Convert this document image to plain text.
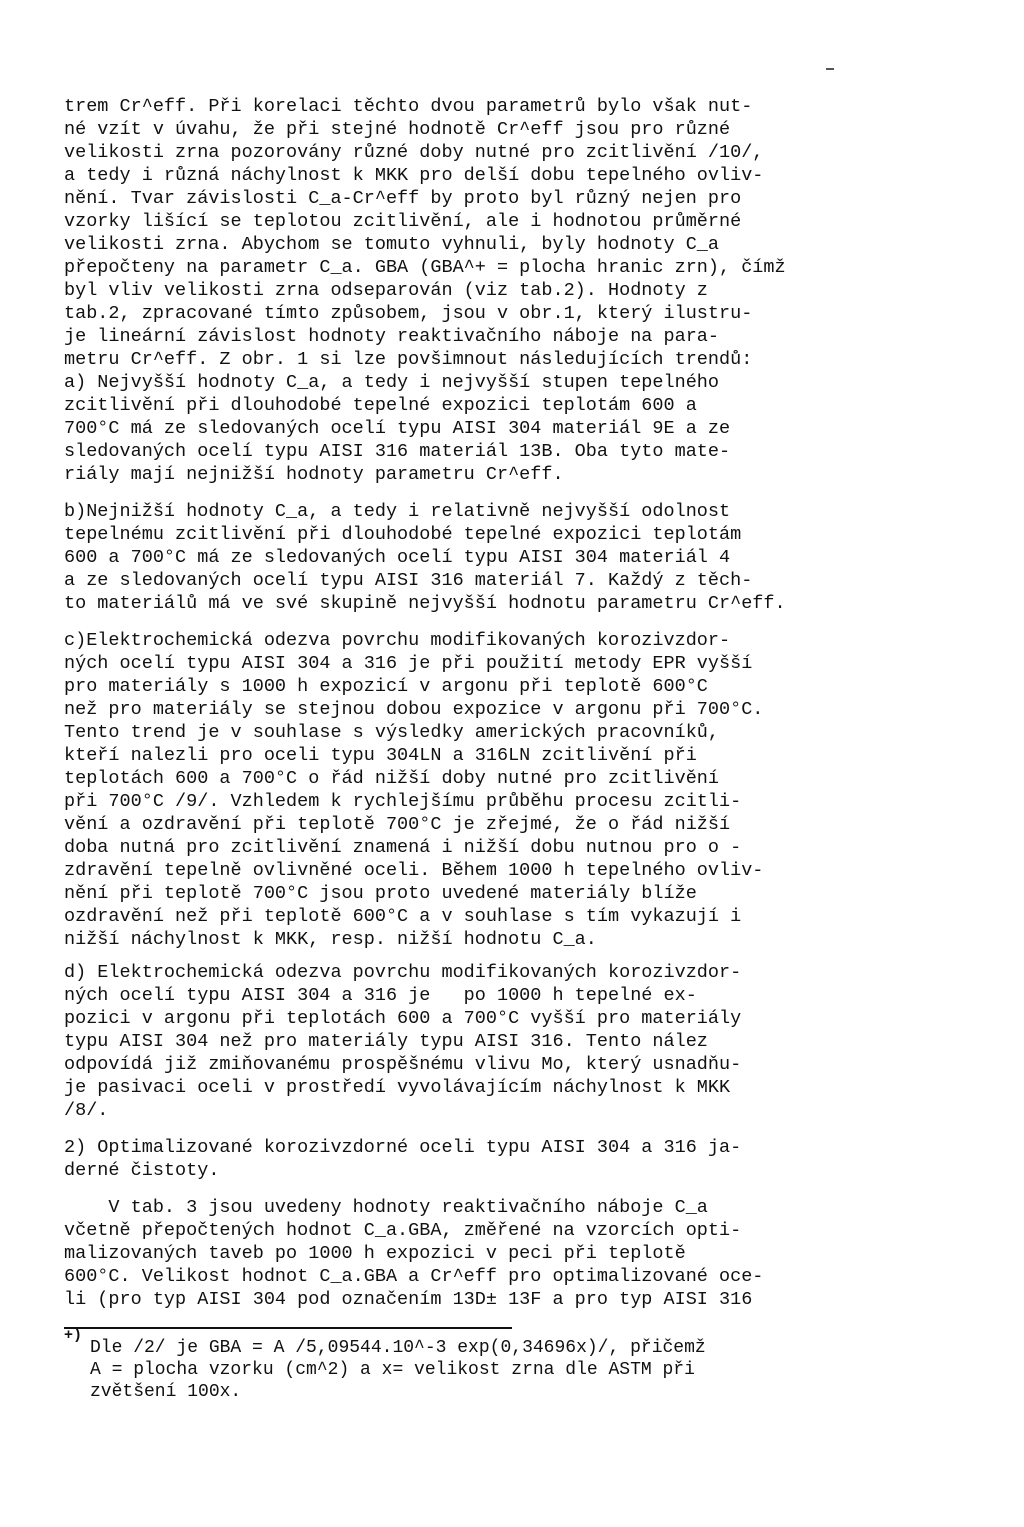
trem Cr^eff. Při korelaci těchto dvou parametrů bylo však nut-
né vzít v úvahu, že při stejné hodnotě Cr^eff jsou pro různé
velikosti zrna pozorovány různé doby nutné pro zcitlivění /10/,
a tedy i různá náchylnost k MKK pro delší dobu tepelného ovliv-
nění. Tvar závislosti C_a-Cr^eff by proto byl různý nejen pro
vzorky lišící se teplotou zcitlivění, ale i hodnotou průměrné
velikosti zrna. Abychom se tomuto vyhnuli, byly hodnoty C_a
přepočteny na parametr C_a. GBA (GBA^+ = plocha hranic zrn), čímž
byl vliv velikosti zrna odseparován (viz tab.2). Hodnoty z
tab.2, zpracované tímto způsobem, jsou v obr.1, který ilustru-
je lineární závislost hodnoty reaktivačního náboje na para-
metru Cr^eff. Z obr. 1 si lze povšimnout následujících trendů:
a) Nejvyšší hodnoty C_a, a tedy i nejvyšší stupen tepelného
zcitlivění při dlouhodobé tepelné expozici teplotám 600 a
700°C má ze sledovaných ocelí typu AISI 304 materiál 9E a ze
sledovaných ocelí typu AISI 316 materiál 13B. Oba tyto mate-
riály mají nejnižší hodnoty parametru Cr^eff.

b)Nejnižší hodnoty C_a, a tedy i relativně nejvyšší odolnost
tepelnému zcitlivění při dlouhodobé tepelné expozici teplotám
600 a 700°C má ze sledovaných ocelí typu AISI 304 materiál 4
a ze sledovaných ocelí typu AISI 316 materiál 7. Každý z těch-
to materiálů má ve své skupině nejvyšší hodnotu parametru Cr^eff.

c)Elektrochemická odezva povrchu modifikovaných korozivzdor-
ných ocelí typu AISI 304 a 316 je při použití metody EPR vyšší
pro materiály s 1000 h expozicí v argonu při teplotě 600°C
než pro materiály se stejnou dobou expozice v argonu při 700°C.
Tento trend je v souhlase s výsledky amerických pracovníků,
kteří nalezli pro oceli typu 304LN a 316LN zcitlivění při
teplotách 600 a 700°C o řád nižší doby nutné pro zcitlivění
při 700°C /9/. Vzhledem k rychlejšímu průběhu procesu zcitli-
vění a ozdravění při teplotě 700°C je zřejmé, že o řád nižší
doba nutná pro zcitlivění znamená i nižší dobu nutnou pro o -
zdravění tepelně ovlivněné oceli. Během 1000 h tepelného ovliv-
nění při teplotě 700°C jsou proto uvedené materiály blíže
ozdravění než při teplotě 600°C a v souhlase s tím vykazují i
nižší náchylnost k MKK, resp. nižší hodnotu C_a.

d) Elektrochemická odezva povrchu modifikovaných korozivzdor-
ných ocelí typu AISI 304 a 316 je   po 1000 h tepelné ex-
pozici v argonu při teplotách 600 a 700°C vyšší pro materiály
typu AISI 304 než pro materiály typu AISI 316. Tento nález
odpovídá již zmiňovanému prospěšnému vlivu Mo, který usnadňu-
je pasivaci oceli v prostředí vyvolávajícím náchylnost k MKK
/8/.

2) Optimalizované korozivzdorné oceli typu AISI 304 a 316 ja-
derné čistoty.

V tab. 3 jsou uvedeny hodnoty reaktivačního náboje C_a
včetně přepočtených hodnot C_a.GBA, změřené na vzorcích opti-
malizovaných taveb po 1000 h expozici v peci při teplotě
600°C. Velikost hodnot C_a.GBA a Cr^eff pro optimalizované oce-
li (pro typ AISI 304 pod označením 13D± 13F a pro typ AISI 316

+)

Dle /2/ je GBA = A /5,09544.10^-3 exp(0,34696x)/, přičemž
A = plocha vzorku (cm^2) a x= velikost zrna dle ASTM při
zvětšení 100x.
